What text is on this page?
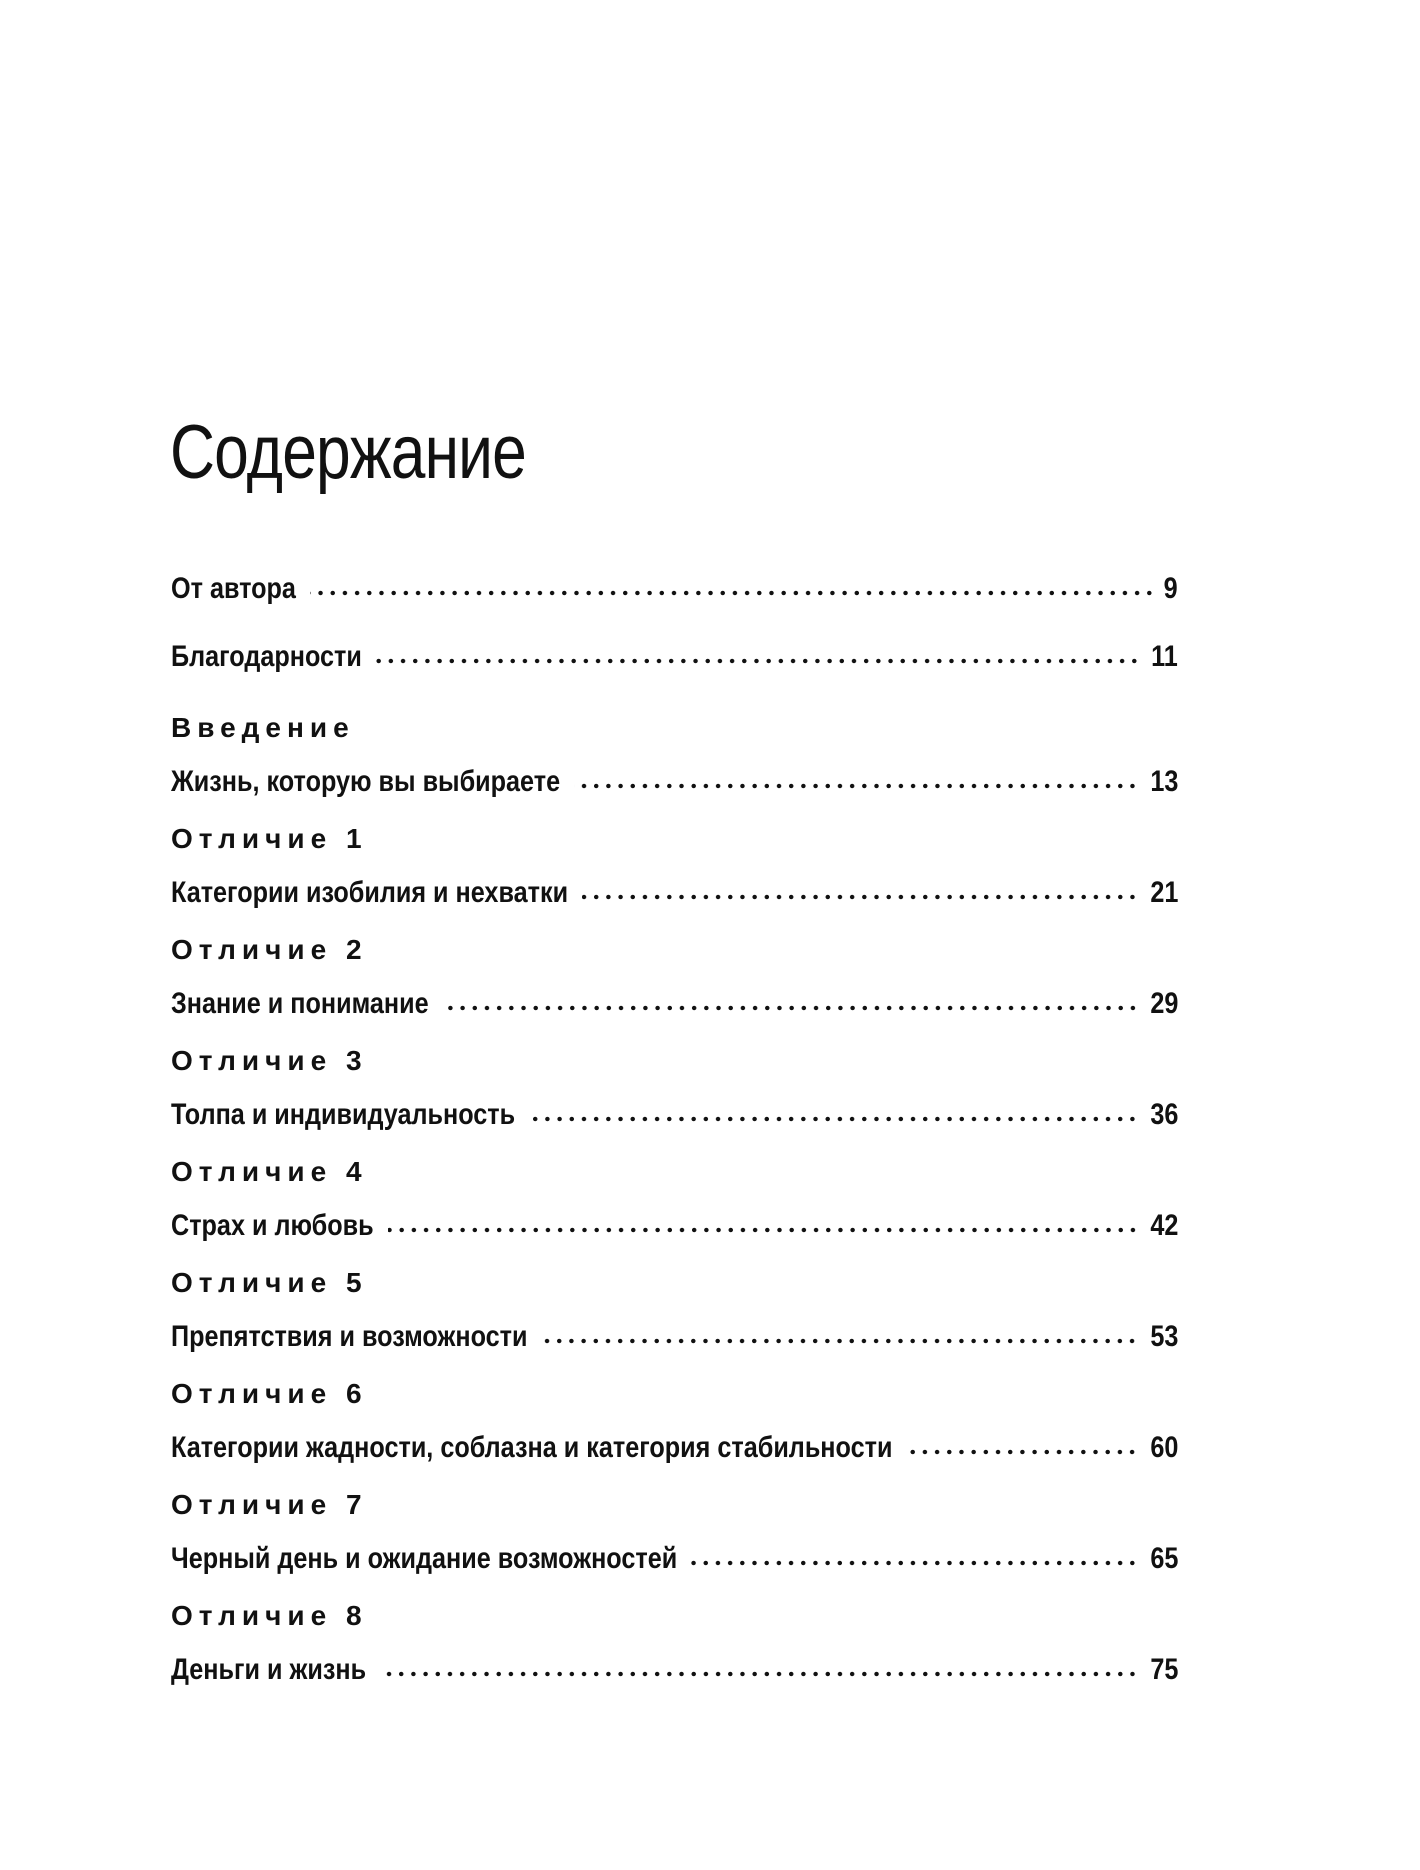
Содержание
От автора	9
Благодарности	11
Введение
Жизнь, которую вы выбираете	13
Отличие 1
Категории изобилия и нехватки	21
Отличие 2
Знание и понимание	29
Отличие 3
Толпа и индивидуальность	36
Отличие 4
Страх и любовь	42
Отличие 5
Препятствия и возможности	53
Отличие 6
Категории жадности, соблазна и категория стабильности	60
Отличие 7
Черный день и ожидание возможностей	65
Отличие 8
Деньги и жизнь	75
